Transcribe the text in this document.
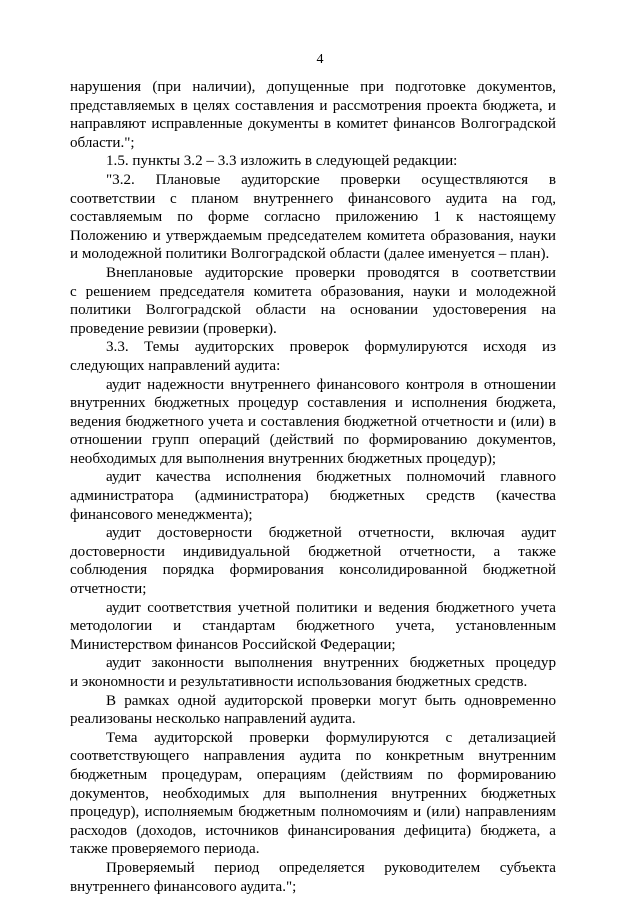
4
нарушения (при наличии), допущенные при подготовке документов,
представляемых в целях составления и рассмотрения проекта бюджета, и
направляют исправленные документы в комитет финансов Волгоградской
области.";
1.5. пункты 3.2 – 3.3 изложить в следующей редакции:
"3.2. Плановые аудиторские проверки осуществляются в
соответствии с планом внутреннего финансового аудита на год,
составляемым по форме согласно приложению 1 к настоящему
Положению и утверждаемым председателем комитета образования, науки
и молодежной политики Волгоградской области (далее именуется – план).
Внеплановые аудиторские проверки проводятся в соответствии
с решением председателя комитета образования, науки и молодежной
политики Волгоградской области на основании удостоверения на
проведение ревизии (проверки).
3.3. Темы аудиторских проверок формулируются исходя из
следующих направлений аудита:
аудит надежности внутреннего финансового контроля в отношении
внутренних бюджетных процедур составления и исполнения бюджета,
ведения бюджетного учета и составления бюджетной отчетности и (или) в
отношении групп операций (действий по формированию документов,
необходимых для выполнения внутренних бюджетных процедур);
аудит качества исполнения бюджетных полномочий главного
администратора (администратора) бюджетных средств (качества
финансового менеджмента);
аудит достоверности бюджетной отчетности, включая аудит
достоверности индивидуальной бюджетной отчетности, а также
соблюдения порядка формирования консолидированной бюджетной
отчетности;
аудит соответствия учетной политики и ведения бюджетного учета
методологии и стандартам бюджетного учета, установленным
Министерством финансов Российской Федерации;
аудит законности выполнения внутренних бюджетных процедур
и экономности и результативности использования бюджетных средств.
В рамках одной аудиторской проверки могут быть одновременно
реализованы несколько направлений аудита.
Тема аудиторской проверки формулируются с детализацией
соответствующего направления аудита по конкретным внутренним
бюджетным процедурам, операциям (действиям по формированию
документов, необходимых для выполнения внутренних бюджетных
процедур), исполняемым бюджетным полномочиям и (или) направлениям
расходов (доходов, источников финансирования дефицита) бюджета, а
также проверяемого периода.
Проверяемый период определяется руководителем субъекта
внутреннего финансового аудита.";
